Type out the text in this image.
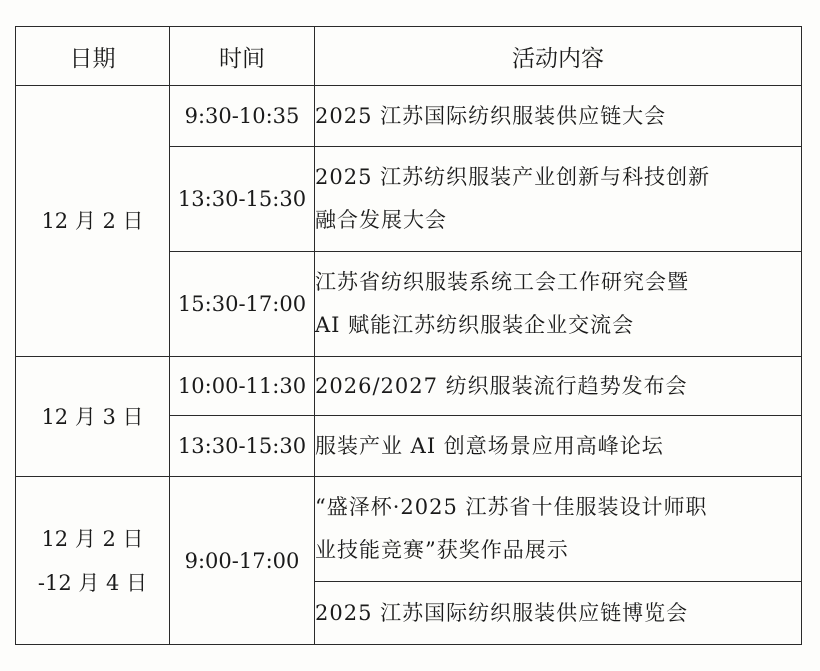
日期	时间	活动内容

12 月 2 日	9:30-10:35	2025 江苏国际纺织服装供应链大会

	13:30-15:30	2025 江苏纺织服装产业创新与科技创新
融合发展大会

	15:30-17:00	江苏省纺织服装系统工会工作研究会暨
AI 赋能江苏纺织服装企业交流会

12 月 3 日	10:00-11:30	2026/2027 纺织服装流行趋势发布会

	13:30-15:30	服装产业 AI 创意场景应用高峰论坛

12 月 2 日
-12 月 4 日	9:00-17:00	“盛泽杯·2025 江苏省十佳服装设计师职
业技能竞赛”获奖作品展示

		2025 江苏国际纺织服装供应链博览会
